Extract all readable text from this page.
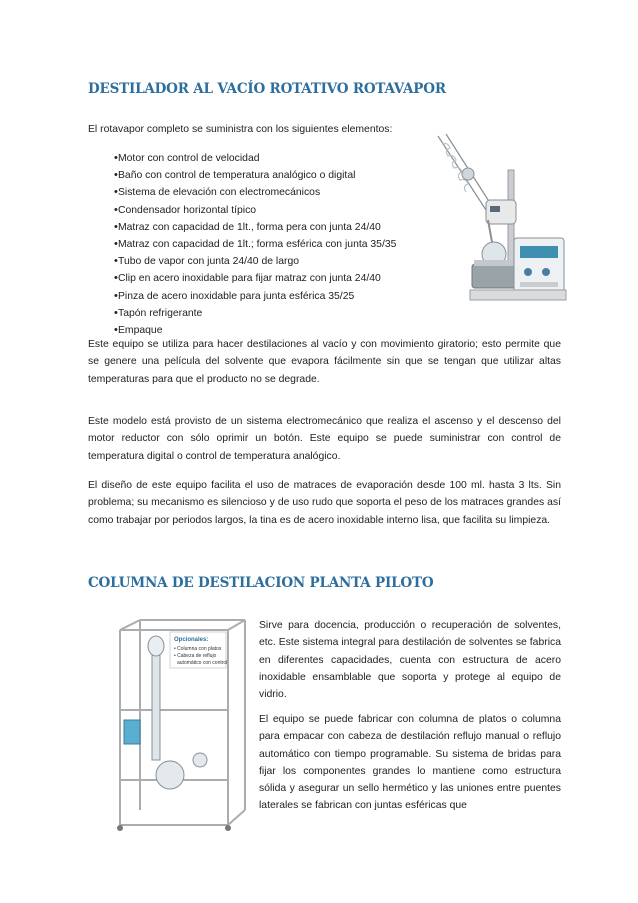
DESTILADOR AL VACÍO ROTATIVO ROTAVAPOR
El rotavapor completo se suministra con los siguientes elementos:
• Motor con control de velocidad
• Baño con control de temperatura analógico o digital
• Sistema de elevación con electromecánicos
• Condensador horizontal típico
• Matraz con capacidad de 1lt., forma pera con junta 24/40
• Matraz con capacidad de 1lt.; forma esférica con junta 35/35
• Tubo de vapor con junta 24/40 de largo
• Clip en acero inoxidable para fijar matraz con junta 24/40
• Pinza de acero inoxidable para junta esférica 35/25
• Tapón refrigerante
• Empaque

Este equipo se utiliza para hacer destilaciones al vacío y con movimiento giratorio; esto permite que se genere una película del solvente que evapora fácilmente sin que se tengan que utilizar altas temperaturas para que el producto no se degrade.

Este modelo está provisto de un sistema electromecánico que realiza el ascenso y el descenso del motor reductor con sólo oprimir un botón. Este equipo se puede suministrar con control de temperatura digital o control de temperatura analógico.

El diseño de este equipo facilita el uso de matraces de evaporación desde 100 ml. hasta 3 lts. Sin problema; su mecanismo es silencioso y de uso rudo que soporta el peso de los matraces grandes así como trabajar por periodos largos, la tina es de acero inoxidable interno lisa, que facilita su limpieza.

COLUMNA DE DESTILACION PLANTA PILOTO
Opcionales:
• Columna con platos
• Cabeza de reflujo
automático con control

Sirve para docencia, producción o recuperación de solventes, etc. Este sistema integral para destilación de solventes se fabrica en diferentes capacidades, cuenta con estructura de acero inoxidable ensamblable que soporta y protege al equipo de vidrio.

El equipo se puede fabricar con columna de platos o columna para empacar con cabeza de destilación reflujo manual o reflujo automático con tiempo programable. Su sistema de bridas para fijar los componentes grandes lo mantiene como estructura sólida y asegurar un sello hermético y las uniones entre puentes laterales se fabrican con juntas esféricas que
